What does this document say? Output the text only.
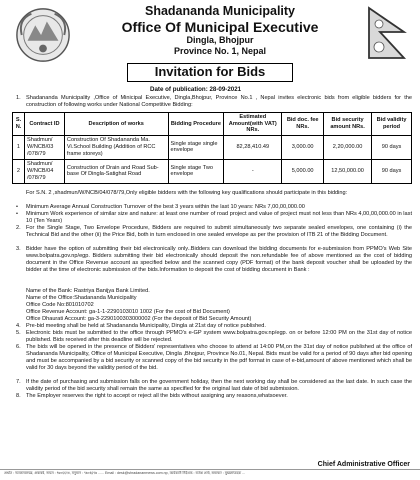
Shadananda Municipality
Office Of Municipal Executive
Dingla, Bhojpur
Province No. 1, Nepal
Invitation for Bids
Date of publication: 28-09-2021
1. Shadananda Municipality ,Office of Minicipal Executive, Dingla,Bhojpur, Province No.1 , Nepal invites electronic bids from eligible bidders for the construction of following works under National Competitive Bidding:
S. N.	Contract ID	Description of works	Bidding Procedure	Estimated Amount(with VAT) NRs.	Bid doc. fee NRs.	Bid security amount NRs.	Bid validity period
1	Shadmun/ W/NCB/03 /078/79	Construction Of Shadananda Ma. Vi.School Building (Addition of RCC frame storeys)	Single stage single envelope	82,28,410.49	3,000.00	2,20,000.00	90 days
2	Shadmun/ W/NCB/04 /078/79	Construction of Drain and Road Sub-base Of Dingla-Satighat Road	Single stage Two envelope	-	5,000.00	12,50,000.00	90 days
For S.N. 2 ,shadmun/W/NCB/04/078/79,Only eligible bidders with the following key qualifications should participate in this bidding:
• Minimum Average Annual Construction Turnover of the best 3 years within the last 10 years: NRs 7,00,00,000.00
• Minimum Work experience of similar size and nature: at least one number of road project and value of project must not less than NRs 4,00,00,000.00 in last 10 (Ten Years)
2. For the Single Stage, Two Envelope Procedure, Bidders are required to submit simultaneously two separate sealed envelopes, one containing (i) the Technical Bid and the other (ii) the Price Bid, both in turn enclosed in one sealed envelope as per the provision of ITB 21 of the Bidding Document.
3. Bidder have the option of submitting their bid electronically only..Bidders can download the bidding documents for e-submission from PPMO's Web Site www.bolpatra.gov.np/egp. Bidders submitting their bid electronically should deposit the non.refundable fee of above mentioned as the cost of bidding document in the Office Revenue account as specified below and the scanned copy (PDF format) of the bank deposit voucher shall be uploaded by the bidder at the time of electronic submission of the bids.Information to deposit the cost of bidding document in Bank :
Name of the Bank: Rastriya Banijya Bank Limited.
Name of the Office:Shadananda Municipality
Office Code No:801010702
Office Revenue Account: ga-1-1-2290103010 1002 (For the cost of Bid Document)
Office Dhaurati Account: ga-3-2290100303000002 (For the deposit of Bid Security Amount)
4. Pre-bid meeting shall be held at Shadananda Municipality, Dingla at 21st day of notice published.
5. Electronic bids must be submitted to the office through PPMO's e-GP system www.bolpatra.gov.np/egp. on or before 12:00 PM on the 31st day of notice published. Bids received after this deadline will be rejected.
6. The bids will be opened in the presence of Bidders' representatives who choose to attend at 14:00 PM,on the 31st day of notice published at the office of Shadananda Municipality, Office of Municipal Executive, Dingla ,Bhojpur, Province No.01, Nepal. Bids must be valid for a period of 90 days after bid opening and must be accompanied by a bid security or scanned copy of the bid security in the pdf format in case of e-bid,amount of above mentioned which shall be valid for 30 days beyond the validity period of the bid.
7. If the date of purchasing and submission falls on the government holiday, then the next working day shall be considered as the last date. In such case the validity period of the bid security shall remain the same as specified for the original last date of bid submission.
8. The Employer reserves the right to accept or reject all the bids without assigning any reasons,whatsoever.
Chief Administrative Officer
अर्थात : नटवरलालपद्य, अबाबबे, नायल : ९७०६६१४, मनुमान : ९७०६६९७ ...... Email : desk@shradananrnews.com.np, कार्यकारी निर्देशक : राजेश शर्मा, समाचार : मुख्यसंपादक ...
